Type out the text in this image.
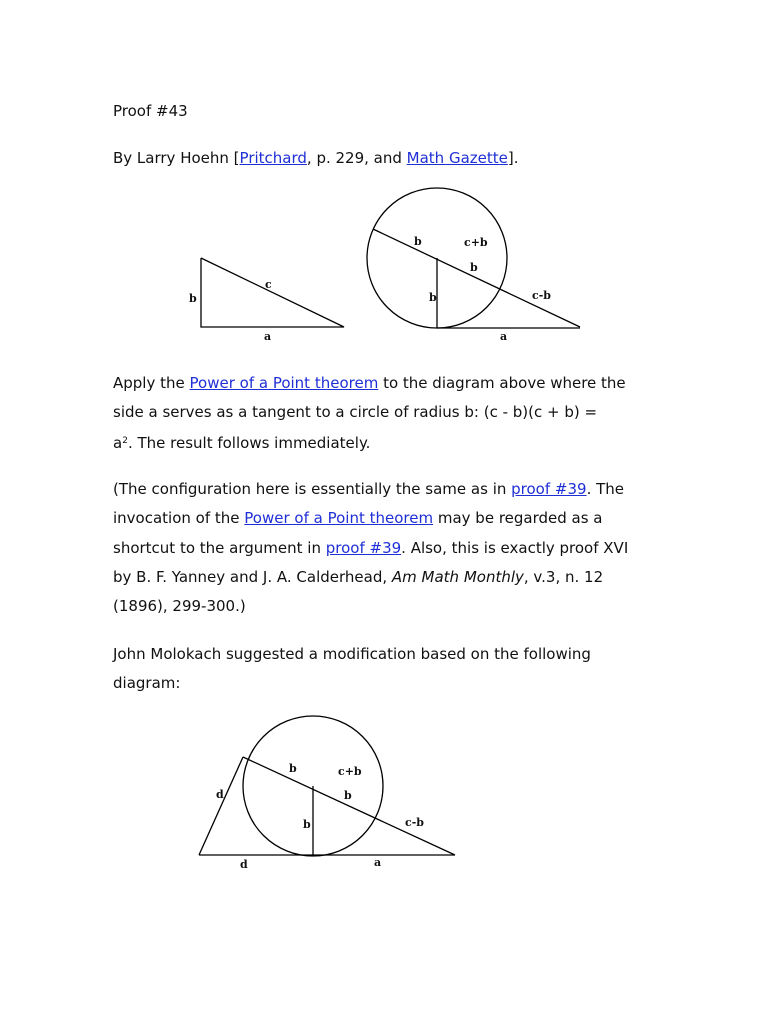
Proof #43
By Larry Hoehn [Pritchard, p. 229, and Math Gazette].
b
c
a
b	c+b
b
b	c-b
a
Apply the Power of a Point theorem to the diagram above where the
side a serves as a tangent to a circle of radius b: (c - b)(c + b) =
$a^2$. The result follows immediately.
(The configuration here is essentially the same as in proof #39. The
invocation of the Power of a Point theorem may be regarded as a
shortcut to the argument in proof #39. Also, this is exactly proof XVI
by B. F. Yanney and J. A. Calderhead, Am Math Monthly, v.3, n. 12
(1896), 299-300.)
John Molokach suggested a modification based on the following
diagram:
d
b	c+b
b
b	c-b
d	a
